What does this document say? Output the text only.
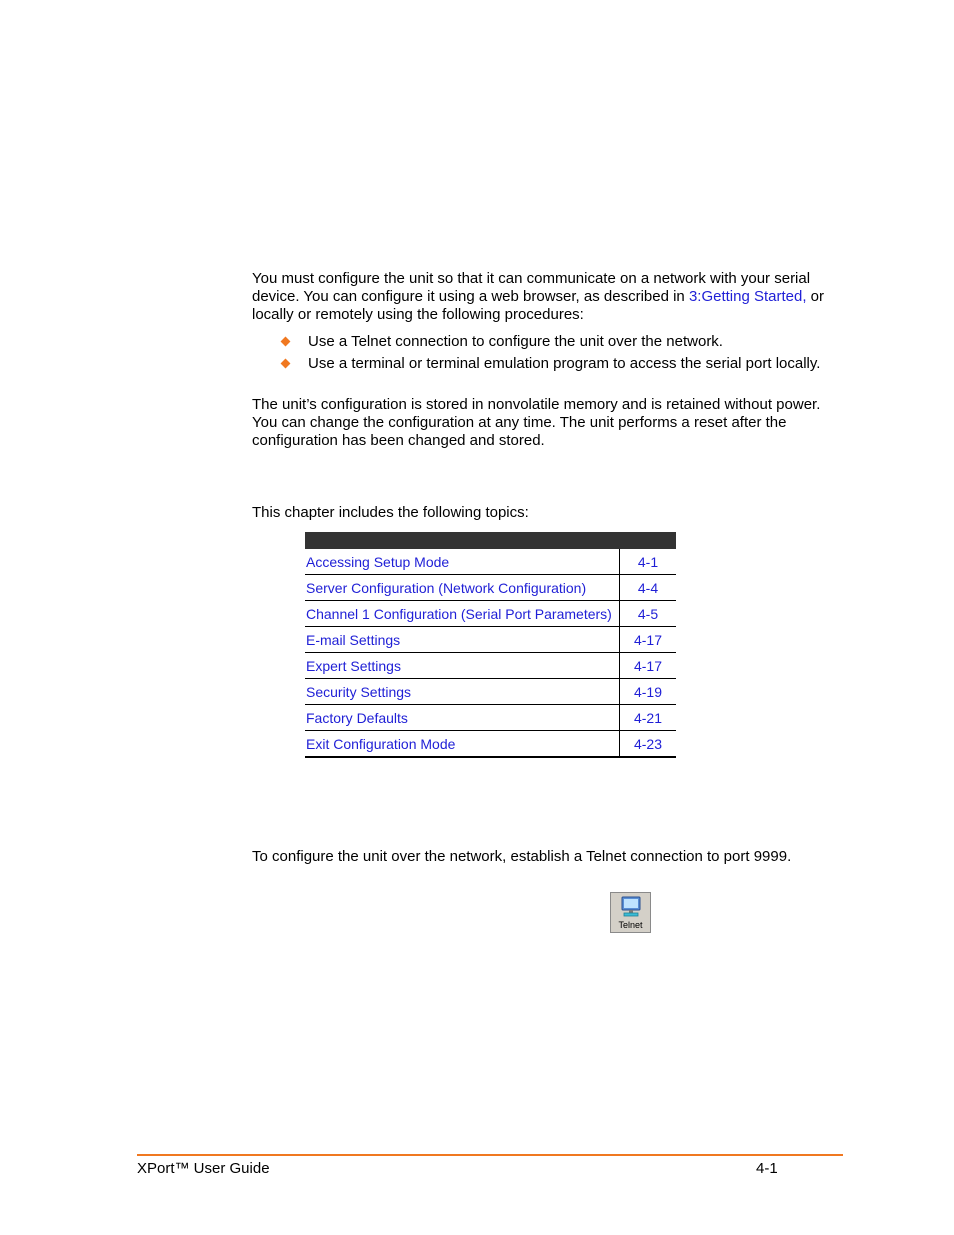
You must configure the unit so that it can communicate on a network with your serial device. You can configure it using a web browser, as described in 3:Getting Started, or locally or remotely using the following procedures:

Use a Telnet connection to configure the unit over the network.
Use a terminal or terminal emulation program to access the serial port locally.

The unit’s configuration is stored in nonvolatile memory and is retained without power. You can change the configuration at any time. The unit performs a reset after the configuration has been changed and stored.

This chapter includes the following topics:

Accessing Setup Mode	4-1
Server Configuration (Network Configuration)	4-4
Channel 1 Configuration (Serial Port Parameters)	4-5
E-mail Settings	4-17
Expert Settings	4-17
Security Settings	4-19
Factory Defaults	4-21
Exit Configuration Mode	4-23

To configure the unit over the network, establish a Telnet connection to port 9999.

Telnet
XPort™ User Guide	4-1
